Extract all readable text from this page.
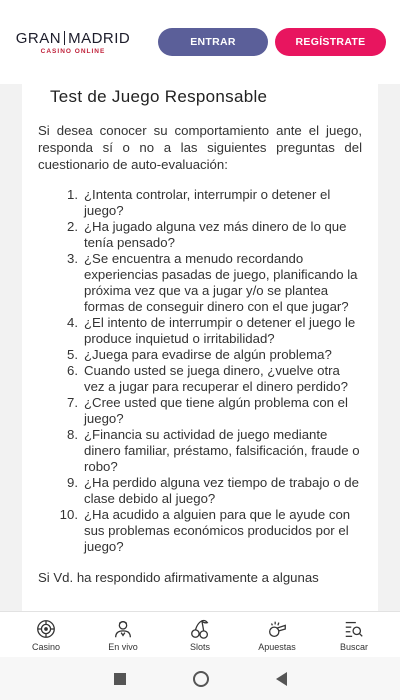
GRAN MADRID
CASINO ONLINE
ENTRAR	REGÍSTRATE
Test de Juego Responsable

Si desea conocer su comportamiento ante el juego, responda sí o no a las siguientes preguntas del cuestionario de auto-evaluación:

1. ¿Intenta controlar, interrumpir o detener el juego?
2. ¿Ha jugado alguna vez más dinero de lo que tenía pensado?
3. ¿Se encuentra a menudo recordando experiencias pasadas de juego, planificando la próxima vez que va a jugar y/o se plantea formas de conseguir dinero con el que jugar?
4. ¿El intento de interrumpir o detener el juego le produce inquietud o irritabilidad?
5. ¿Juega para evadirse de algún problema?
6. Cuando usted se juega dinero, ¿vuelve otra vez a jugar para recuperar el dinero perdido?
7. ¿Cree usted que tiene algún problema con el juego?
8. ¿Financia su actividad de juego mediante dinero familiar, préstamo, falsificación, fraude o robo?
9. ¿Ha perdido alguna vez tiempo de trabajo o de clase debido al juego?
10. ¿Ha acudido a alguien para que le ayude con sus problemas económicos producidos por el juego?

Si Vd. ha respondido afirmativamente a algunas

Casino	En vivo	Slots	Apuestas	Buscar
